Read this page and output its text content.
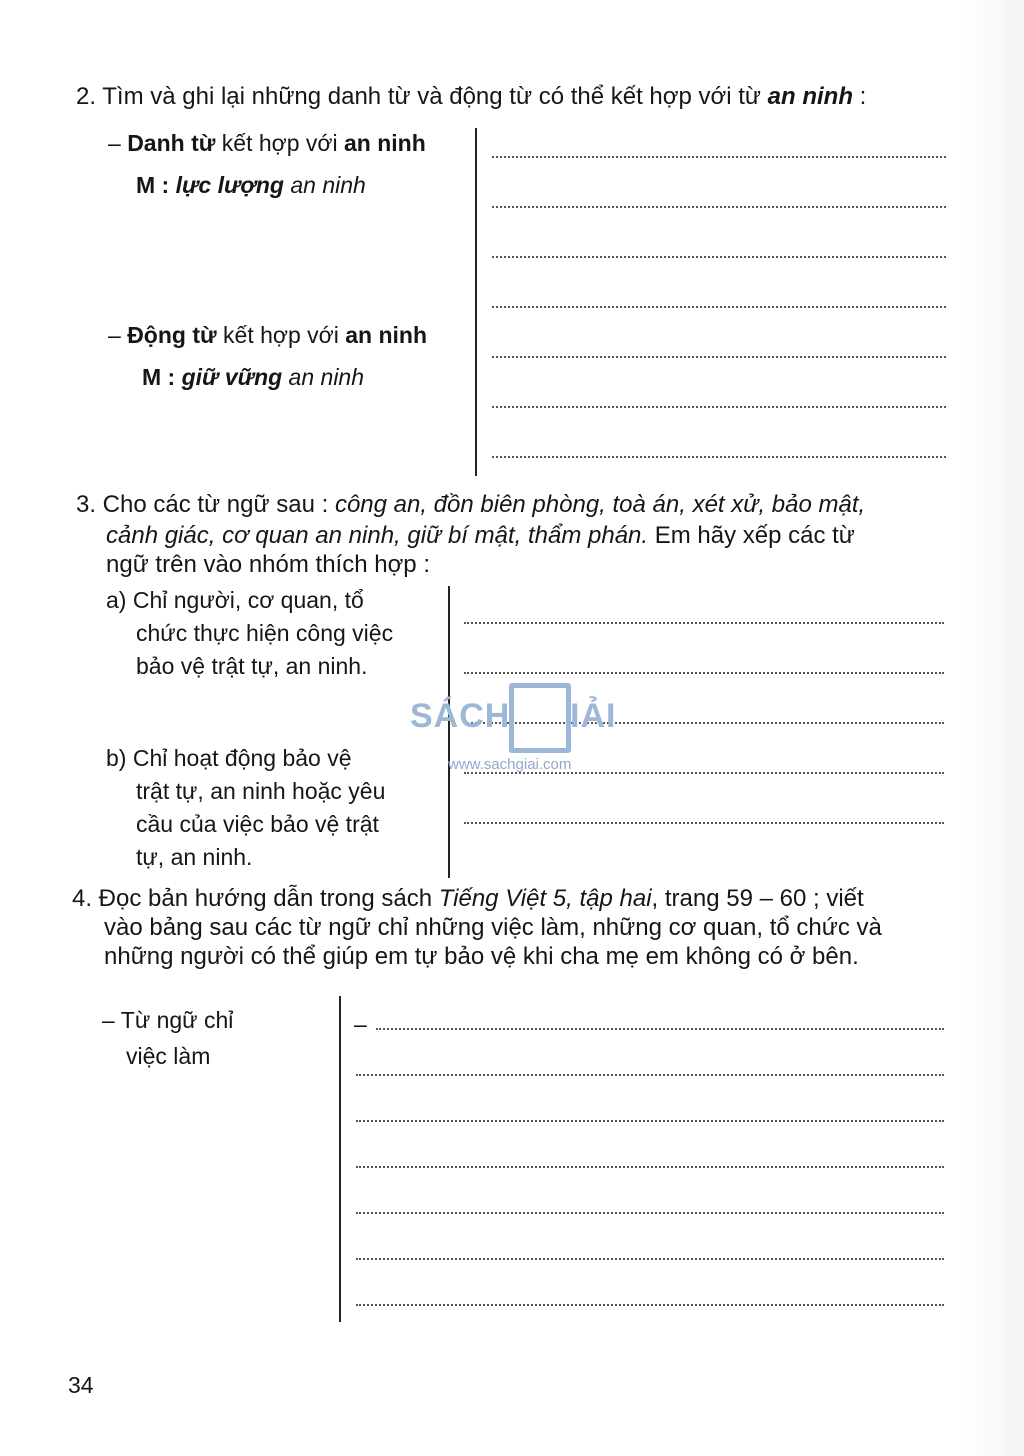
2. Tìm và ghi lại những danh từ và động từ có thể kết hợp với từ an ninh :
– Danh từ kết hợp với an ninh
M : lực lượng an ninh
– Động từ kết hợp với an ninh
M : giữ vững an ninh
3. Cho các từ ngữ sau : công an, đồn biên phòng, toà án, xét xử, bảo mật,
cảnh giác, cơ quan an ninh, giữ bí mật, thẩm phán. Em hãy xếp các từ
ngữ trên vào nhóm thích hợp :
a) Chỉ người, cơ quan, tổ
chức thực hiện công việc
bảo vệ trật tự, an ninh.
b) Chỉ hoạt động bảo vệ
trật tự, an ninh hoặc yêu
cầu của việc bảo vệ trật
tự, an ninh.
SÁCH IẢI
www.sachgiai.com
4. Đọc bản hướng dẫn trong sách Tiếng Việt 5, tập hai, trang 59 – 60 ; viết
vào bảng sau các từ ngữ chỉ những việc làm, những cơ quan, tổ chức và
những người có thể giúp em tự bảo vệ khi cha mẹ em không có ở bên.
– Từ ngữ chỉ
việc làm
–
34
